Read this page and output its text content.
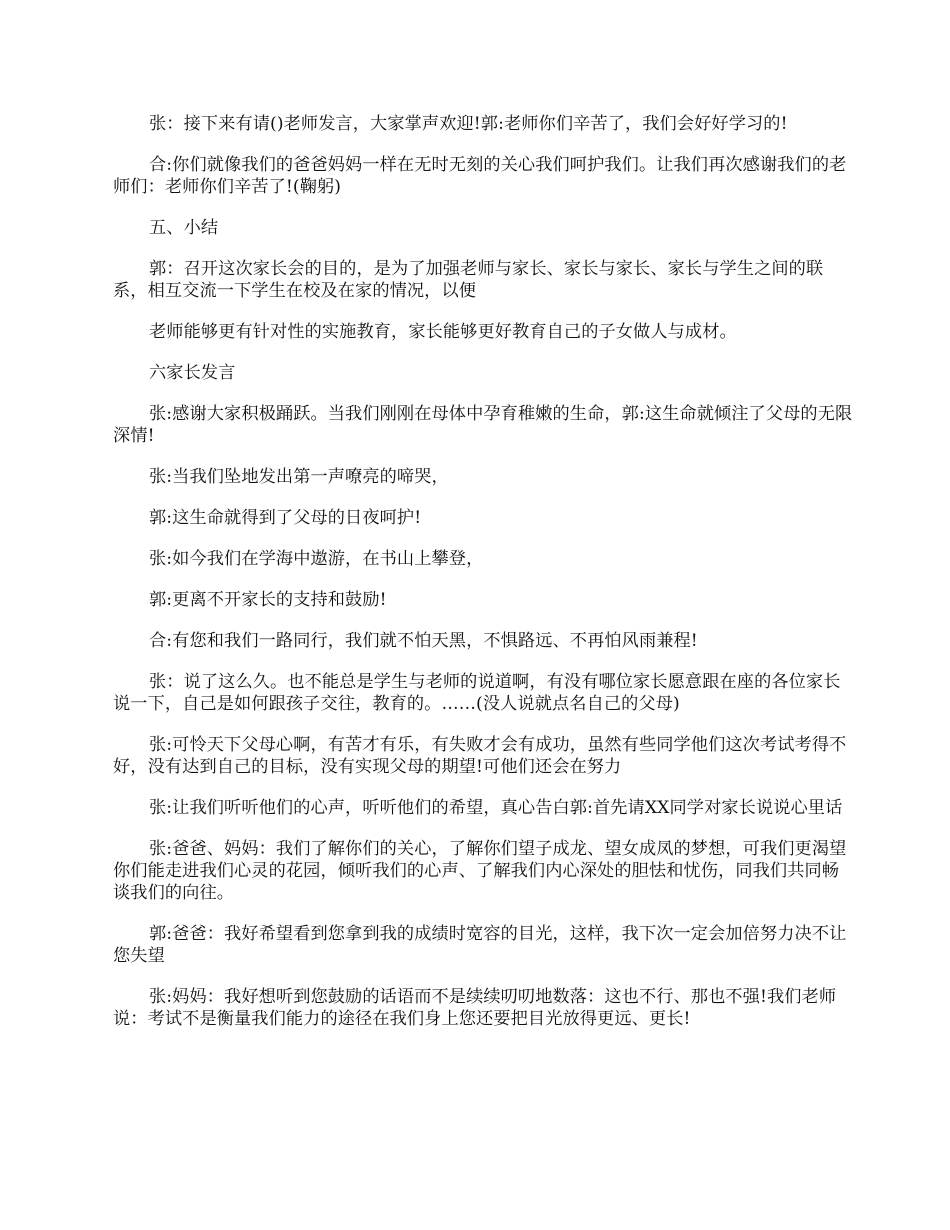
张：接下来有请()老师发言，大家掌声欢迎!郭:老师你们辛苦了，我们会好好学习的!

合:你们就像我们的爸爸妈妈一样在无时无刻的关心我们呵护我们。让我们再次感谢我们的老师们：老师你们辛苦了!(鞠躬)

五、小结

郭：召开这次家长会的目的，是为了加强老师与家长、家长与家长、家长与学生之间的联系，相互交流一下学生在校及在家的情况，以便

老师能够更有针对性的实施教育，家长能够更好教育自己的子女做人与成材。

六家长发言

张:感谢大家积极踊跃。当我们刚刚在母体中孕育稚嫩的生命，郭:这生命就倾注了父母的无限深情!

张:当我们坠地发出第一声嘹亮的啼哭，

郭:这生命就得到了父母的日夜呵护!

张:如今我们在学海中遨游，在书山上攀登，

郭:更离不开家长的支持和鼓励!

合:有您和我们一路同行，我们就不怕天黑，不惧路远、不再怕风雨兼程!

张：说了这么久。也不能总是学生与老师的说道啊，有没有哪位家长愿意跟在座的各位家长说一下，自己是如何跟孩子交往，教育的。……(没人说就点名自己的父母)

张:可怜天下父母心啊，有苦才有乐，有失败才会有成功，虽然有些同学他们这次考试考得不好，没有达到自己的目标，没有实现父母的期望!可他们还会在努力

张:让我们听听他们的心声，听听他们的希望，真心告白郭:首先请XX同学对家长说说心里话

张:爸爸、妈妈：我们了解你们的关心，了解你们望子成龙、望女成凤的梦想，可我们更渴望你们能走进我们心灵的花园，倾听我们的心声、了解我们内心深处的胆怯和忧伤，同我们共同畅谈我们的向往。

郭:爸爸：我好希望看到您拿到我的成绩时宽容的目光，这样，我下次一定会加倍努力决不让您失望

张:妈妈：我好想听到您鼓励的话语而不是续续叨叨地数落：这也不行、那也不强!我们老师说：考试不是衡量我们能力的途径在我们身上您还要把目光放得更远、更长!
